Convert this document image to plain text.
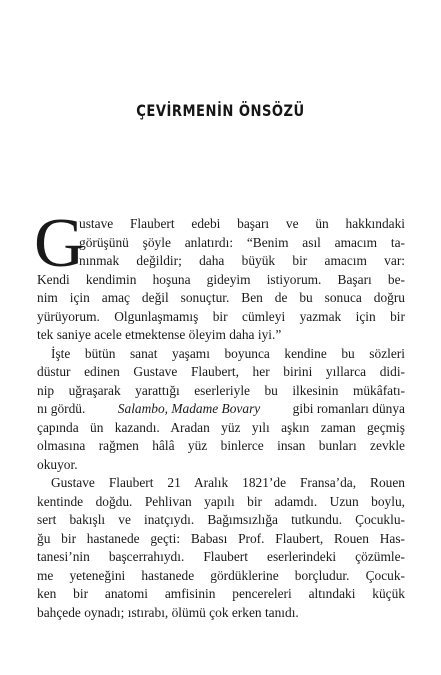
ÇEVİRMENİN ÖNSÖZÜ
G
ustave Flaubert edebi başarı ve ün hakkındaki
görüşünü şöyle anlatırdı: “Benim asıl amacım ta-
nınmak değildir; daha büyük bir amacım var:
Kendi kendimin hoşuna gideyim istiyorum. Başarı be-
nim için amaç değil sonuçtur. Ben de bu sonuca doğru
yürüyorum. Olgunlaşmamış bir cümleyi yazmak için bir
tek saniye acele etmektense öleyim daha iyi.”
İşte bütün sanat yaşamı boyunca kendine bu sözleri
düstur edinen Gustave Flaubert, her birini yıllarca didi-
nip uğraşarak yarattığı eserleriyle bu ilkesinin mükâfatı-
nı gördü. Salambo, Madame Bovary gibi romanları dünya
çapında ün kazandı. Aradan yüz yılı aşkın zaman geçmiş
olmasına rağmen hâlâ yüz binlerce insan bunları zevkle
okuyor.
Gustave Flaubert 21 Aralık 1821’de Fransa’da, Rouen
kentinde doğdu. Pehlivan yapılı bir adamdı. Uzun boylu,
sert bakışlı ve inatçıydı. Bağımsızlığa tutkundu. Çocuklu-
ğu bir hastanede geçti: Babası Prof. Flaubert, Rouen Has-
tanesi’nin başcerrahıydı. Flaubert eserlerindeki çözümle-
me yeteneğini hastanede gördüklerine borçludur. Çocuk-
ken bir anatomi amfisinin pencereleri altındaki küçük
bahçede oynadı; ıstırabı, ölümü çok erken tanıdı.
